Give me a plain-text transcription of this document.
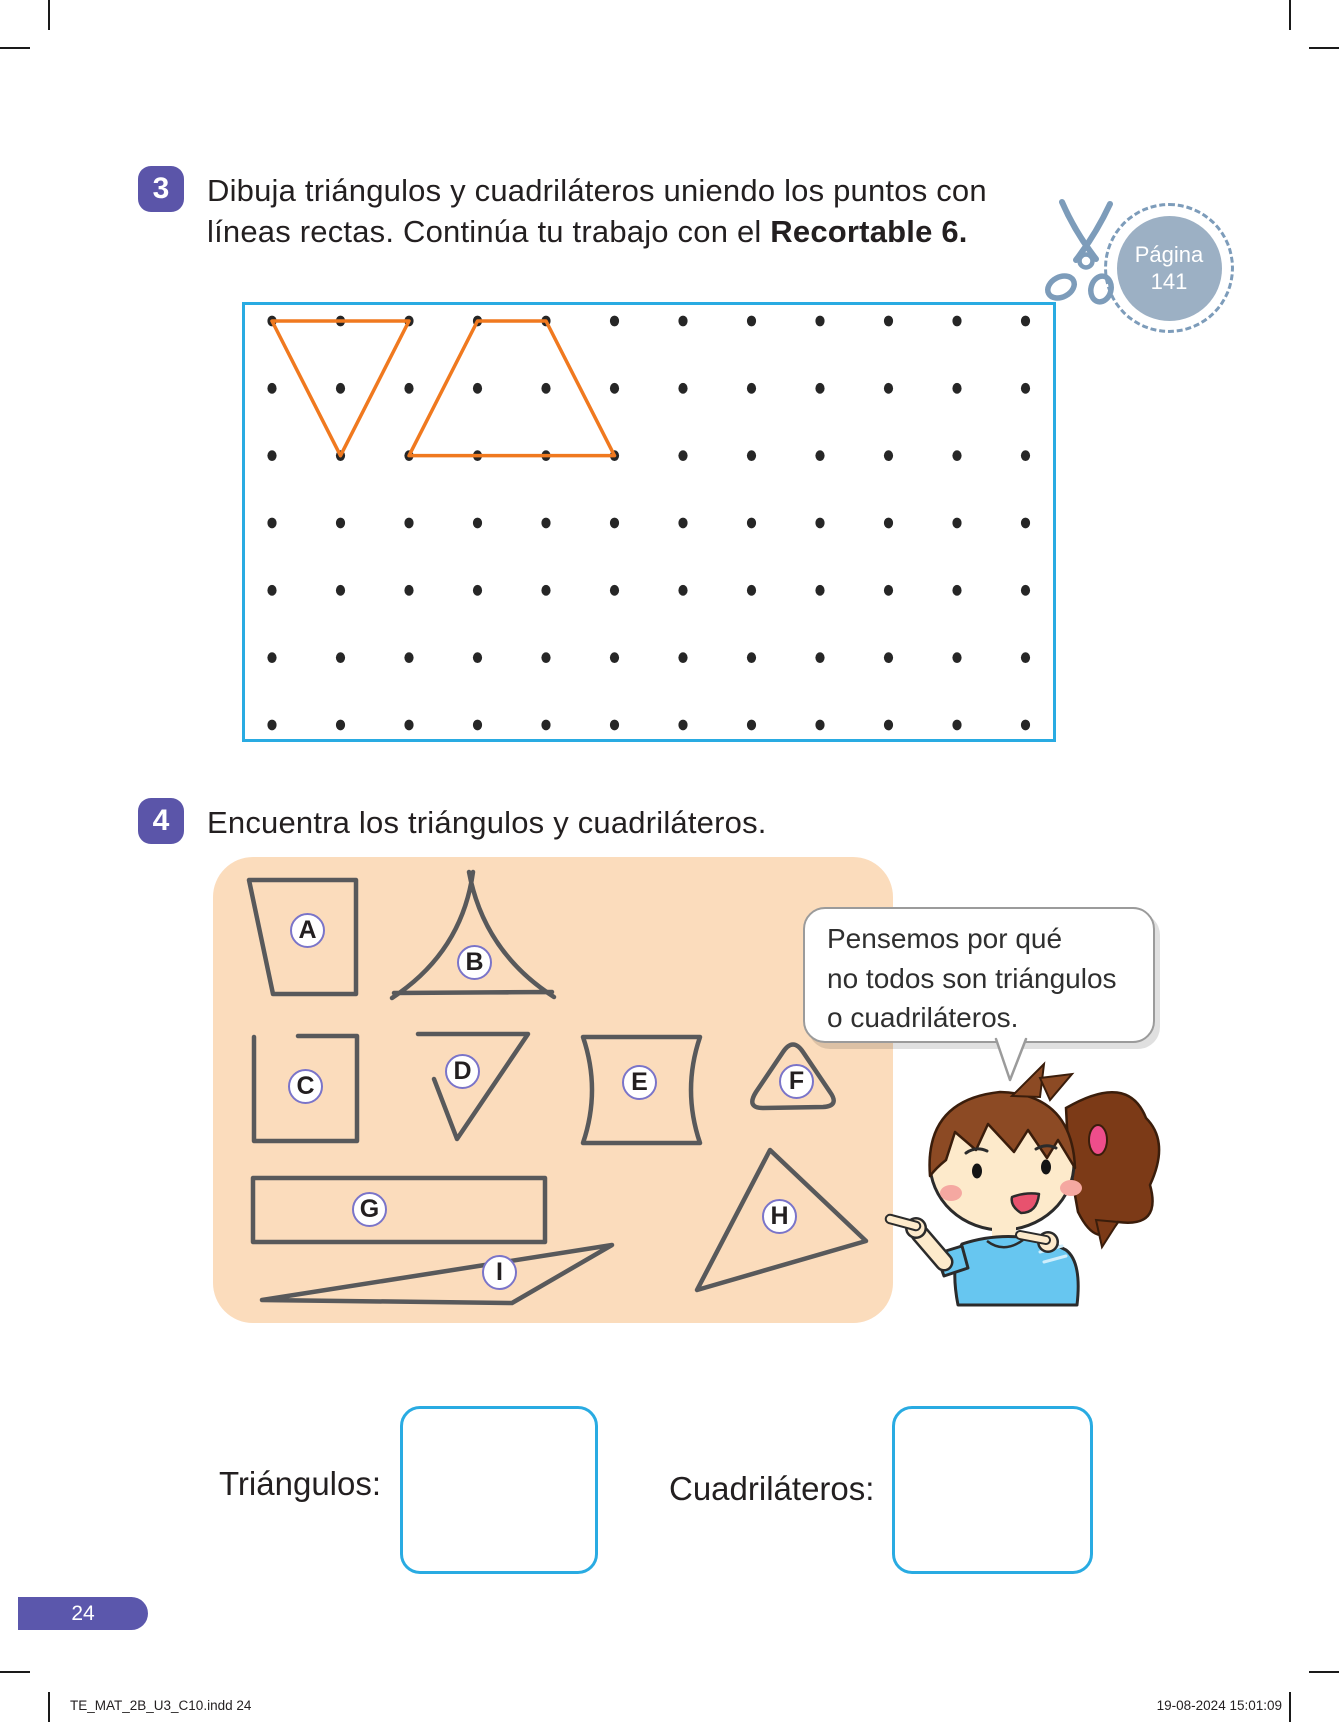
3 Dibuja triángulos y cuadriláteros uniendo los puntos con
líneas rectas. Continúa tu trabajo con el Recortable 6.
Página
141
4 Encuentra los triángulos y cuadriláteros.
A
B
C
D	E	F
G	H
I
Pensemos por qué
no todos son triángulos
o cuadriláteros.
Triángulos:	Cuadriláteros:
24
TE_MAT_2B_U3_C10.indd 24	19-08-2024 15:01:09
